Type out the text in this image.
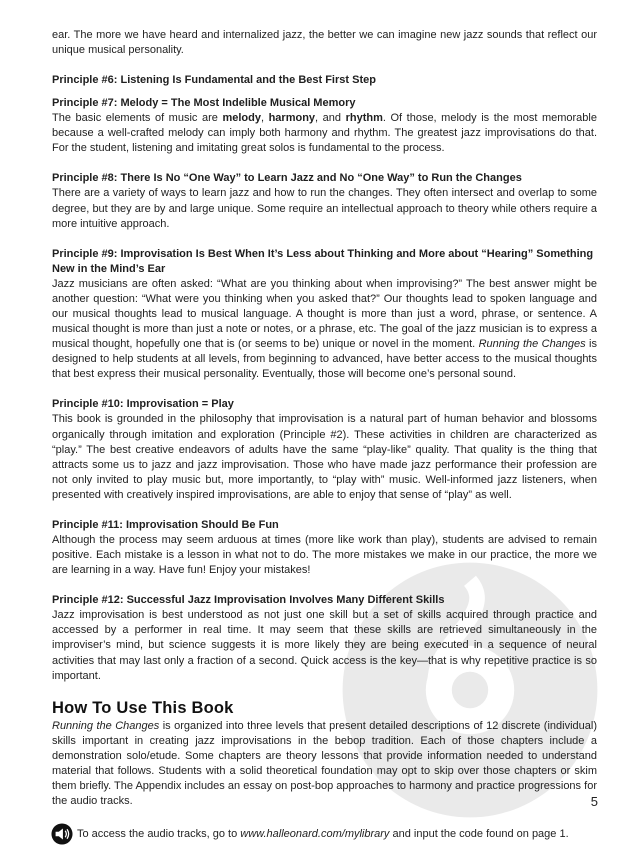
ear. The more we have heard and internalized jazz, the better we can imagine new jazz sounds that reflect our unique musical personality.

Principle #6: Listening Is Fundamental and the Best First Step
Principle #7: Melody = The Most Indelible Musical Memory

The basic elements of music are melody, harmony, and rhythm. Of those, melody is the most memorable because a well-crafted melody can imply both harmony and rhythm. The greatest jazz improvisations do that. For the student, listening and imitating great solos is fundamental to the process.

Principle #8: There Is No “One Way” to Learn Jazz and No “One Way” to Run the Changes

There are a variety of ways to learn jazz and how to run the changes. They often intersect and overlap to some degree, but they are by and large unique. Some require an intellectual approach to theory while others require a more intuitive approach.

Principle #9: Improvisation Is Best When It’s Less about Thinking and More about “Hearing” Something New in the Mind’s Ear

Jazz musicians are often asked: “What are you thinking about when improvising?” The best answer might be another question: “What were you thinking when you asked that?” Our thoughts lead to spoken language and our musical thoughts lead to musical language. A thought is more than just a word, phrase, or sentence. A musical thought is more than just a note or notes, or a phrase, etc. The goal of the jazz musician is to express a musical thought, hopefully one that is (or seems to be) unique or novel in the moment. Running the Changes is designed to help students at all levels, from beginning to advanced, have better access to the musical thoughts that best express their musical personality. Eventually, those will become one’s personal sound.

Principle #10: Improvisation = Play

This book is grounded in the philosophy that improvisation is a natural part of human behavior and blossoms organically through imitation and exploration (Principle #2). These activities in children are characterized as “play.” The best creative endeavors of adults have the same “play-like” quality. That quality is the thing that attracts some us to jazz and jazz improvisation. Those who have made jazz performance their profession are not only invited to play music but, more importantly, to “play with” music. Well-informed jazz listeners, when presented with creatively inspired improvisations, are able to enjoy that sense of “play” as well.

Principle #11: Improvisation Should Be Fun

Although the process may seem arduous at times (more like work than play), students are advised to remain positive. Each mistake is a lesson in what not to do. The more mistakes we make in our practice, the more we are learning in a way. Have fun! Enjoy your mistakes!

Principle #12: Successful Jazz Improvisation Involves Many Different Skills

Jazz improvisation is best understood as not just one skill but a set of skills acquired through practice and accessed by a performer in real time. It may seem that these skills are retrieved simultaneously in the improviser’s mind, but science suggests it is more likely they are being executed in a sequence of neural activities that may last only a fraction of a second. Quick access is the key—that is why repetitive practice is so important.

How To Use This Book

Running the Changes is organized into three levels that present detailed descriptions of 12 discrete (individual) skills important in creating jazz improvisations in the bebop tradition. Each of those chapters include a demonstration solo/etude. Some chapters are theory lessons that provide information needed to understand material that follows. Students with a solid theoretical foundation may opt to skip over those chapters or skim them briefly. The Appendix includes an essay on post-bop approaches to harmony and practice progressions for the audio tracks.

To access the audio tracks, go to www.halleonard.com/mylibrary and input the code found on page 1.
5
